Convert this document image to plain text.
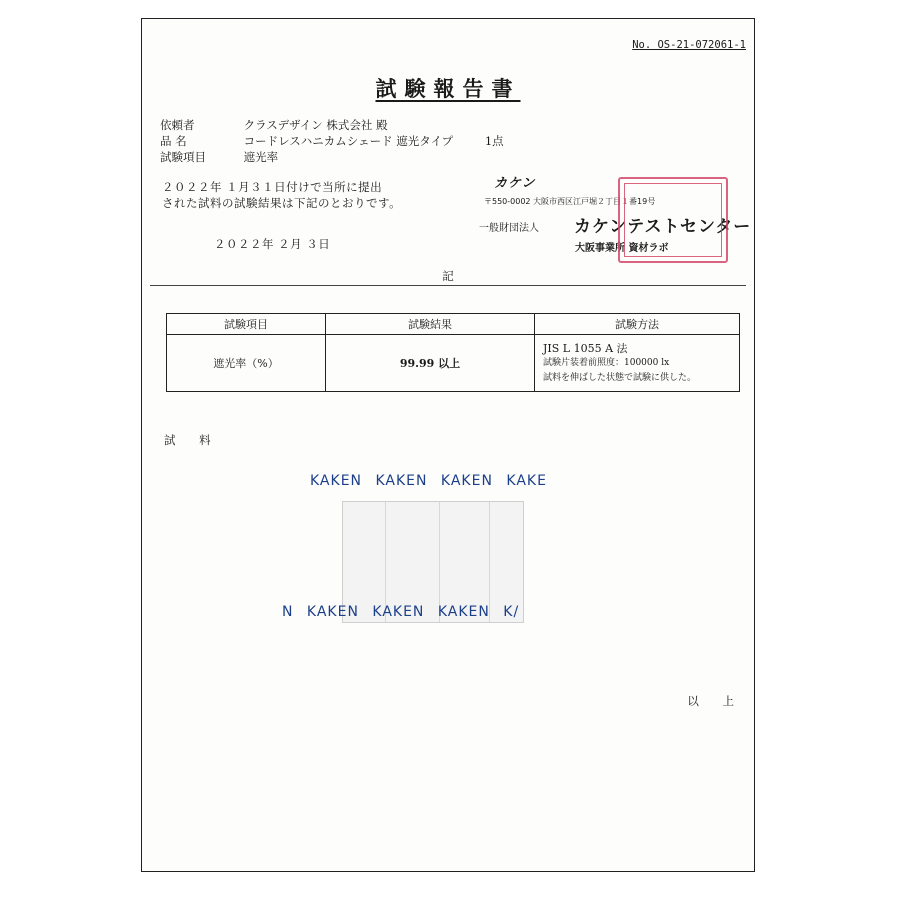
No. OS-21-072061-1
試験報告書
依頼者	クラスデザイン 株式会社 殿
品 名	コードレスハニカムシェード 遮光タイプ	1点
試験項目	遮光率
２０２２年 １月３１日付けで当所に提出
された試料の試験結果は下記のとおりです。
２０２２年 ２月 ３日
カケン
〒550-0002 大阪市西区江戸堀２丁目１番19号
一般財団法人 カケンテストセンター
大阪事業所 資材ラボ
記
試験項目	試験結果	試験方法
遮光率（%）	99.99 以上	JIS L 1055 A 法
試験片装着前照度：100000 lx
試料を伸ばした状態で試験に供した。
試 料
KAKEN KAKEN KAKEN KAKE
N KAKEN KAKEN KAKEN K/
以 上
